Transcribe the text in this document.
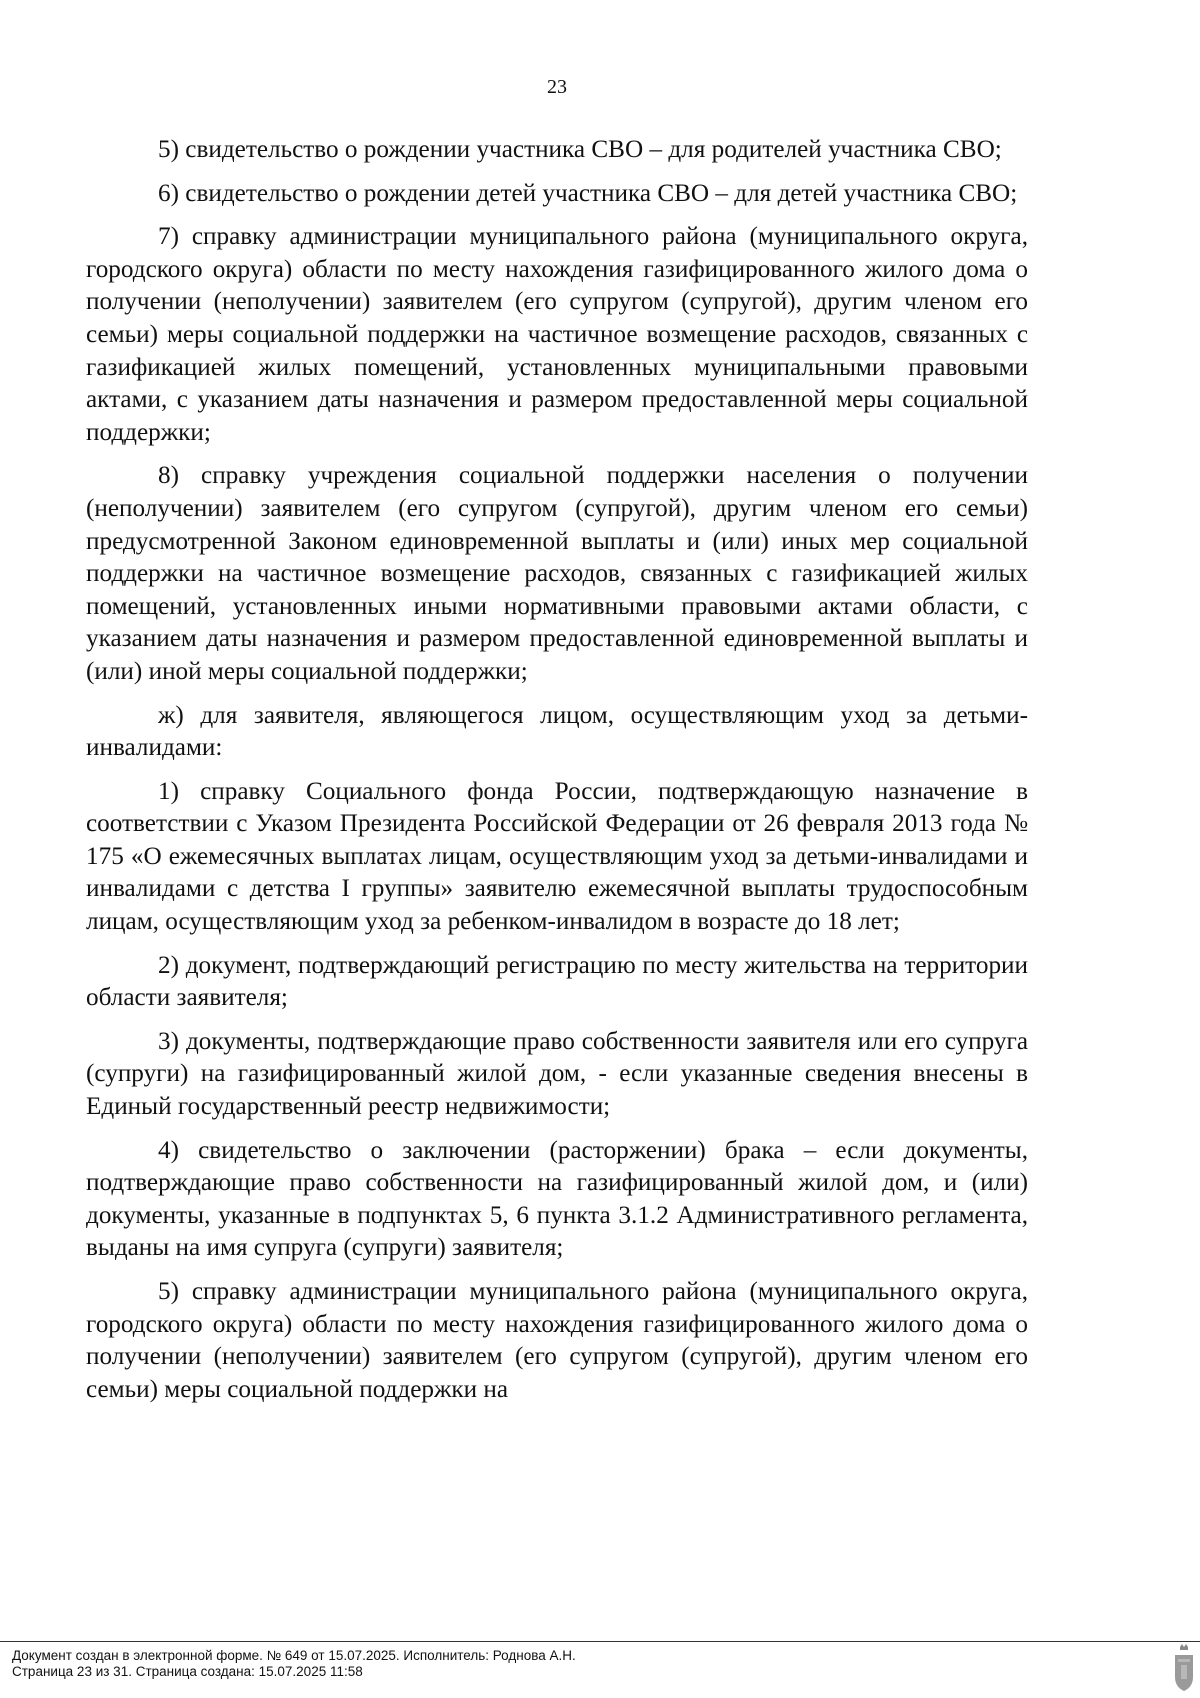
23

5) свидетельство о рождении участника СВО – для родителей участника СВО;

6) свидетельство о рождении детей участника СВО – для детей участника СВО;

7) справку администрации муниципального района (муниципального округа, городского округа) области по месту нахождения газифицированного жилого дома о получении (неполучении) заявителем (его супругом (супругой), другим членом его семьи) меры социальной поддержки на частичное возмещение расходов, связанных с газификацией жилых помещений, установленных муниципальными правовыми актами, с указанием даты назначения и размером предоставленной меры социальной поддержки;

8) справку учреждения социальной поддержки населения о получении (неполучении) заявителем (его супругом (супругой), другим членом его семьи) предусмотренной Законом единовременной выплаты и (или) иных мер социальной поддержки на частичное возмещение расходов, связанных с газификацией жилых помещений, установленных иными нормативными правовыми актами области, с указанием даты назначения и размером предоставленной единовременной выплаты и (или) иной меры социальной поддержки;

ж) для заявителя, являющегося лицом, осуществляющим уход за детьми-инвалидами:

1) справку Социального фонда России, подтверждающую назначение в соответствии с Указом Президента Российской Федерации от 26 февраля 2013 года № 175 «О ежемесячных выплатах лицам, осуществляющим уход за детьми-инвалидами и инвалидами с детства I группы» заявителю ежемесячной выплаты трудоспособным лицам, осуществляющим уход за ребенком-инвалидом в возрасте до 18 лет;

2) документ, подтверждающий регистрацию по месту жительства на территории области заявителя;

3) документы, подтверждающие право собственности заявителя или его супруга (супруги) на газифицированный жилой дом, - если указанные сведения внесены в Единый государственный реестр недвижимости;

4) свидетельство о заключении (расторжении) брака – если документы, подтверждающие право собственности на газифицированный жилой дом, и (или) документы, указанные в подпунктах 5, 6 пункта 3.1.2 Административного регламента, выданы на имя супруга (супруги) заявителя;

5) справку администрации муниципального района (муниципального округа, городского округа) области по месту нахождения газифицированного жилого дома о получении (неполучении) заявителем (его супругом (супругой), другим членом его семьи) меры социальной поддержки на

Документ создан в электронной форме. № 649 от 15.07.2025. Исполнитель: Роднова А.Н.
Страница 23 из 31. Страница создана: 15.07.2025 11:58
